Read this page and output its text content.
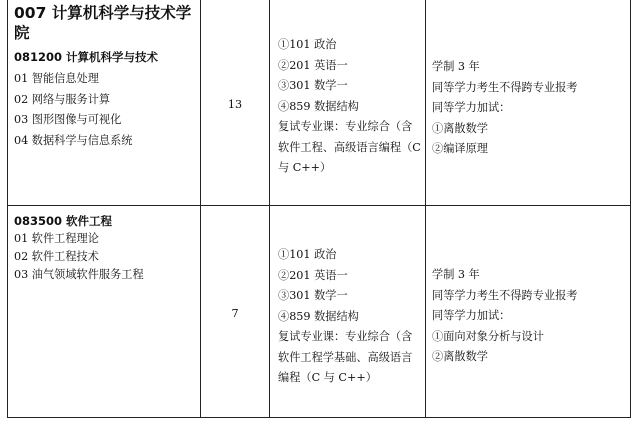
007 计算机科学与技术学院
081200 计算机科学与技术
01 智能信息处理
02 网络与服务计算
03 图形图像与可视化
04 数据科学与信息系统
13
①101 政治
②201 英语一
③301 数学一
④859 数据结构
复试专业课：专业综合（含
软件工程、高级语言编程（C
与 C++）
学制 3 年
同等学力考生不得跨专业报考
同等学力加试：
①离散数学
②编译原理
083500 软件工程
01 软件工程理论
02 软件工程技术
03 油气领域软件服务工程
7
①101 政治
②201 英语一
③301 数学一
④859 数据结构
复试专业课：专业综合（含
软件工程学基础、高级语言
编程（C 与 C++）
学制 3 年
同等学力考生不得跨专业报考
同等学力加试：
①面向对象分析与设计
②离散数学
